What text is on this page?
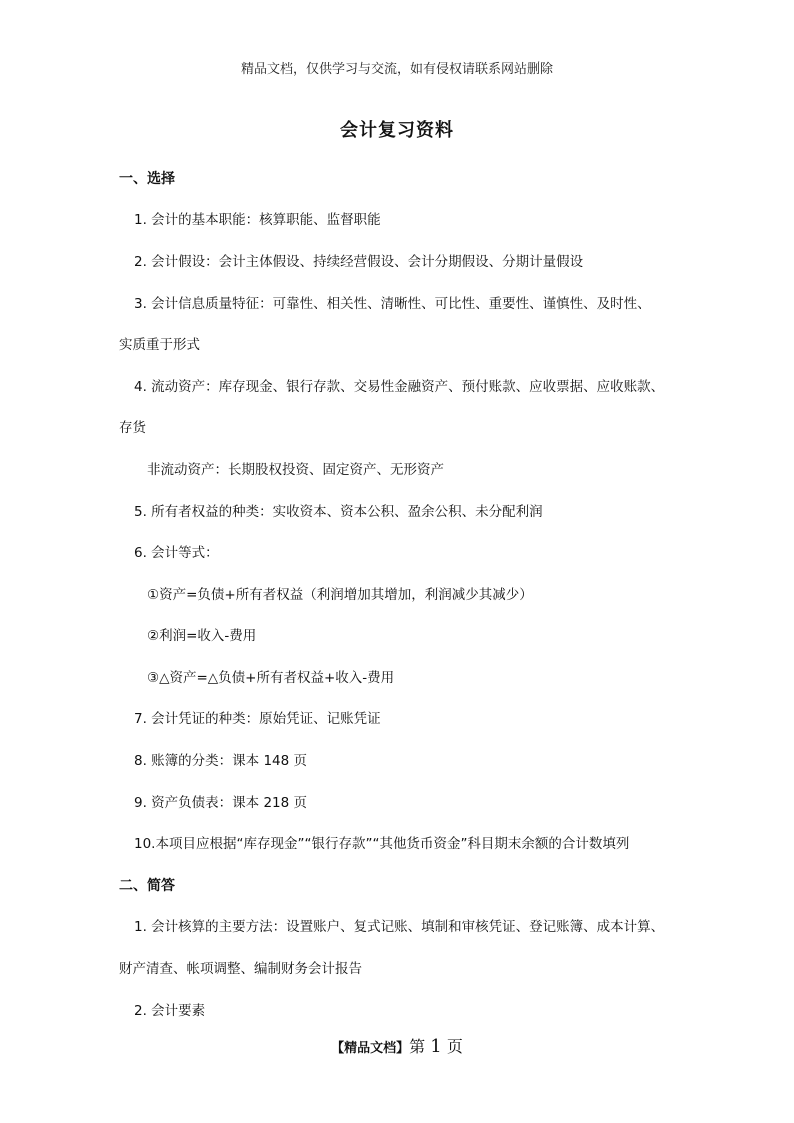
精品文档，仅供学习与交流，如有侵权请联系网站删除
会计复习资料
一、选择
1. 会计的基本职能：核算职能、监督职能
2. 会计假设：会计主体假设、持续经营假设、会计分期假设、分期计量假设
3. 会计信息质量特征：可靠性、相关性、清晰性、可比性、重要性、谨慎性、及时性、
实质重于形式
4. 流动资产：库存现金、银行存款、交易性金融资产、预付账款、应收票据、应收账款、
存货
非流动资产：长期股权投资、固定资产、无形资产
5. 所有者权益的种类：实收资本、资本公积、盈余公积、未分配利润
6. 会计等式：
①资产=负债+所有者权益（利润增加其增加，利润减少其减少）
②利润=收入-费用
③△资产=△负债+所有者权益+收入-费用
7. 会计凭证的种类：原始凭证、记账凭证
8. 账簿的分类：课本 148 页
9. 资产负债表：课本 218 页
10.本项目应根据“库存现金”“银行存款”“其他货币资金”科目期末余额的合计数填列
二、简答
1. 会计核算的主要方法：设置账户、复式记账、填制和审核凭证、登记账簿、成本计算、
财产清查、帐项调整、编制财务会计报告
2. 会计要素
【精品文档】第 1 页
